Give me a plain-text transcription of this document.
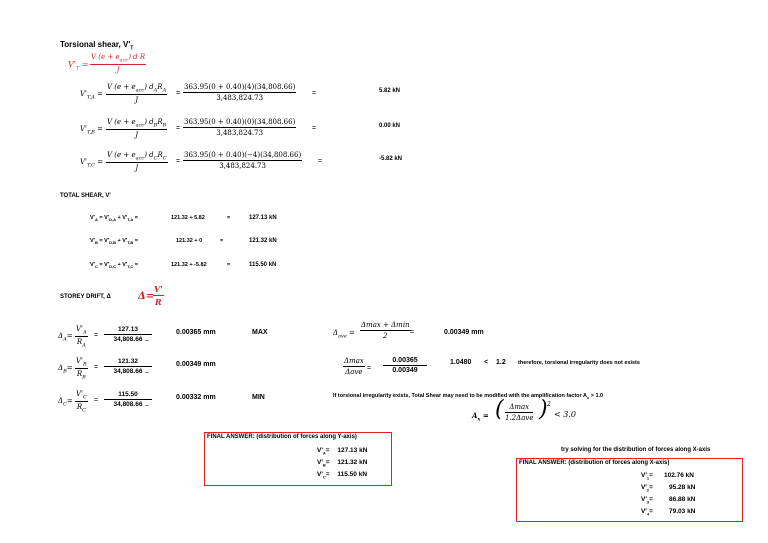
Torsional shear, $V'_T$
$V'_T$ =
V $(e + e_{acc})$ d R
J
$V'_{T,A}$ =
V $(e + e_{acc})$ $d_AR_A$
J
=
363.95(0 + 0.40)(4)(34,808.66)
3,483,824.73
=	5.82 kN
$V'_{T,B}$ =
V $(e + e_{acc})$ $d_BR_B$
J
=
363.95(0 + 0.40)(0)(34,808.66)
3,483,824.73
=	0.00 kN
$V'_{T,C}$ =
V $(e + e_{acc})$ $d_CR_C$
J
=
363.95(0 + 0.40)(−4)(34,808.66)
3,483,824.73
=	-5.82 kN
TOTAL SHEAR, V'
$V'_A = V'_{D,A} + V'_{T,A}$ =	121.32 + 5.82	=	127.13 kN
$V'_B = V'_{D,B} + V'_{T,B}$ =	121.32 + 0	=	121.32 kN
$V'_C = V'_{D,C} + V'_{T,C}$ =	121.32 + -5.82	=	115.50 kN
STOREY DRIFT, Δ	Δ=
V'
R
$\Delta_A=$
$V'_A$
$R_A$
=
127.13
34,808.66 _
0.00365 mm	MAX
$\Delta_B=$
$V'_B$
$R_B$
=
121.32
34,808.66 _
0.00349 mm
$\Delta_C=$
$V'_C$
$R_C$
=
115.50
34,808.66 _
0.00332 mm	MIN
$\Delta_{ave}$ =
Δmax + Δmin
2	=	0.00349 mm
Δmax
Δave =
0.00365
0.00349
1.0480 < 1.2 therefore, torsional irregularity does not exists
If torsional irregularity exists, Total Shear may need to be modified with the amplification factor $A_x > 1.0$
$A_x$ = ( Δmax
1.2Δave ) 2
< 3.0
FINAL ANSWER: (distribution of forces along Y-axis)
$V'_A= 127.13$ kN
$V'_B= 121.32$ kN
$V'_C= 115.50$ kN
try solving for the distribution of forces along X-axis
FINAL ANSWER: (distribution of forces along X-axis)
$V'_1= 102.76$ kN
$V'_2= 95.28$ kN
$V'_3= 86.88$ kN
$V'_4= 79.03$ kN
